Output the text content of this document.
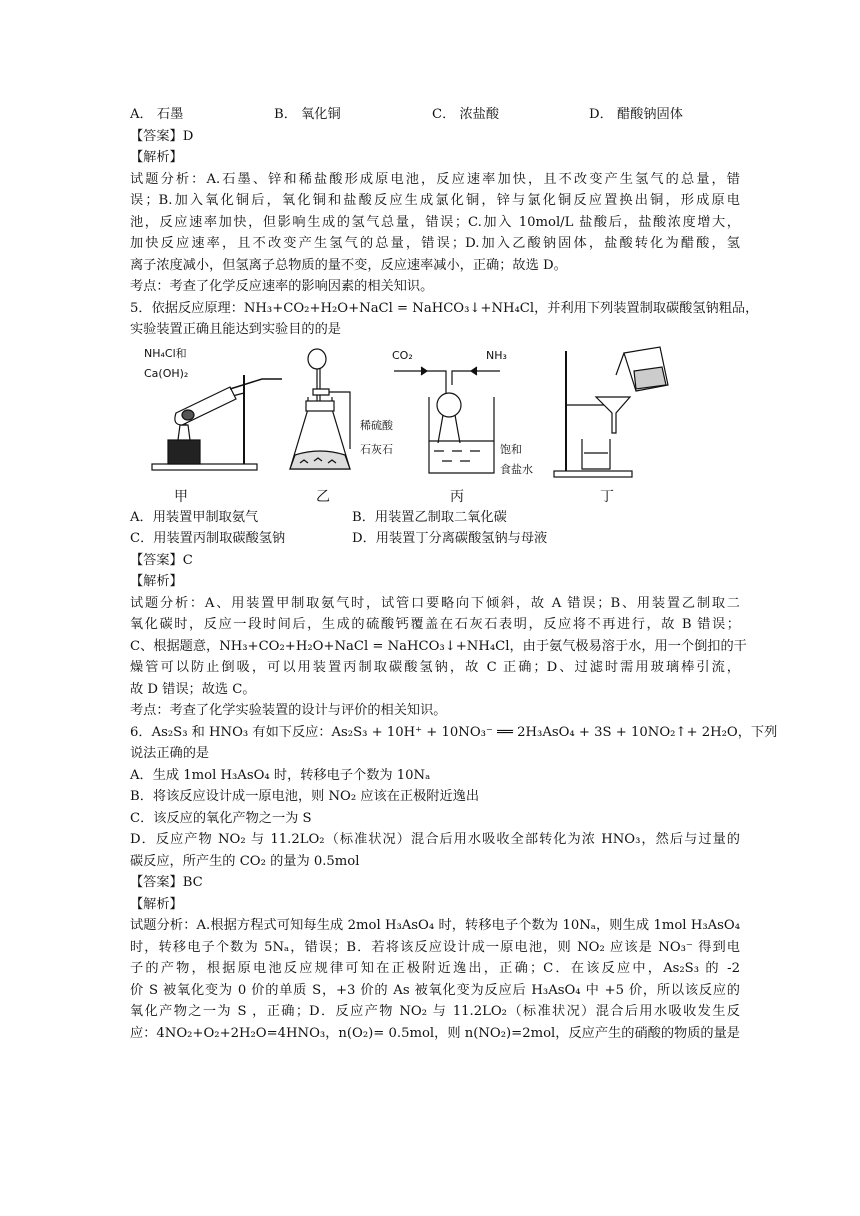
A． 石墨	B． 氧化铜	C． 浓盐酸	D． 醋酸钠固体
【答案】D
【解析】
试题分析：A.石墨、锌和稀盐酸形成原电池，反应速率加快，且不改变产生氢气的总量，错
误；B.加入氧化铜后，氧化铜和盐酸反应生成氯化铜，锌与氯化铜反应置换出铜，形成原电
池，反应速率加快，但影响生成的氢气总量，错误；C.加入 10mol/L 盐酸后，盐酸浓度增大，
加快反应速率，且不改变产生氢气的总量，错误；D.加入乙酸钠固体，盐酸转化为醋酸，氢
离子浓度减小，但氢离子总物质的量不变，反应速率减小，正确；故选 D。
考点：考查了化学反应速率的影响因素的相关知识。
5．依据反应原理：NH₃+CO₂+H₂O+NaCl = NaHCO₃↓+NH₄Cl，并利用下列装置制取碳酸氢钠粗品，
实验装置正确且能达到实验目的的是
NH₄Cl和
Ca(OH)₂
稀硫酸
石灰石
CO₂	NH₃
饱和
食盐水
甲	乙	丙	丁
A．用装置甲制取氨气	B．用装置乙制取二氧化碳
C．用装置丙制取碳酸氢钠	D．用装置丁分离碳酸氢钠与母液
【答案】C
【解析】
试题分析：A、用装置甲制取氨气时，试管口要略向下倾斜，故 A 错误；B、用装置乙制取二
氧化碳时，反应一段时间后，生成的硫酸钙覆盖在石灰石表明，反应将不再进行，故 B 错误；
C、根据题意，NH₃+CO₂+H₂O+NaCl = NaHCO₃↓+NH₄Cl，由于氨气极易溶于水，用一个倒扣的干
燥管可以防止倒吸，可以用装置丙制取碳酸氢钠，故 C 正确；D、过滤时需用玻璃棒引流，
故 D 错误；故选 C。
考点：考查了化学实验装置的设计与评价的相关知识。
6．As₂S₃ 和 HNO₃ 有如下反应：As₂S₃ + 10H⁺ + 10NO₃⁻ ══ 2H₃AsO₄ + 3S + 10NO₂↑+ 2H₂O，下列
说法正确的是
A．生成 1mol H₃AsO₄ 时，转移电子个数为 10Nₐ
B．将该反应设计成一原电池，则 NO₂ 应该在正极附近逸出
C．该反应的氧化产物之一为 S
D．反应产物 NO₂ 与 11.2LO₂（标准状况）混合后用水吸收全部转化为浓 HNO₃，然后与过量的
碳反应，所产生的 CO₂ 的量为 0.5mol
【答案】BC
【解析】
试题分析：A.根据方程式可知每生成 2mol H₃AsO₄ 时，转移电子个数为 10Nₐ，则生成 1mol H₃AsO₄
时，转移电子个数为 5Nₐ，错误；B．若将该反应设计成一原电池，则 NO₂ 应该是 NO₃⁻ 得到电
子的产物，根据原电池反应规律可知在正极附近逸出，正确；C．在该反应中，As₂S₃ 的 -2
价 S 被氧化变为 0 价的单质 S，+3 价的 As 被氧化变为反应后 H₃AsO₄ 中 +5 价，所以该反应的
氧化产物之一为 S ，正确；D．反应产物 NO₂ 与 11.2LO₂（标准状况）混合后用水吸收发生反
应：4NO₂+O₂+2H₂O=4HNO₃，n(O₂)= 0.5mol，则 n(NO₂)=2mol，反应产生的硝酸的物质的量是
